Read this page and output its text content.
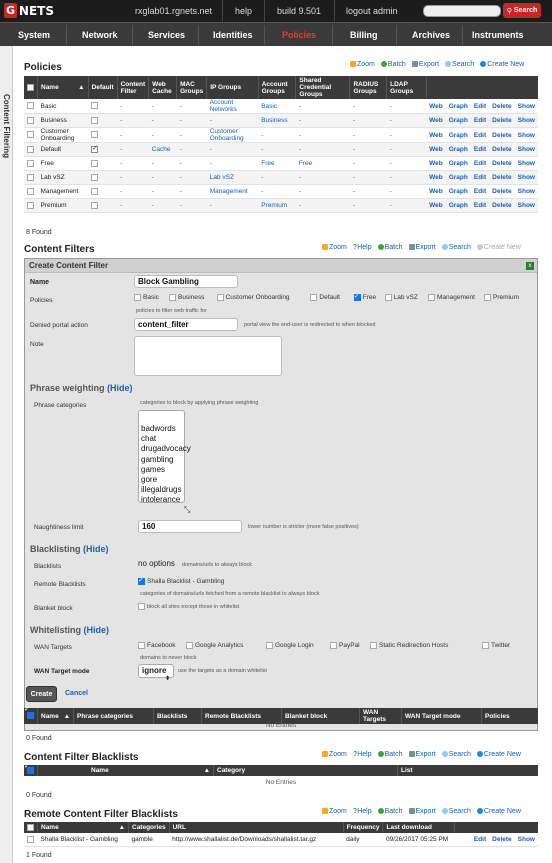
G NETS	rxglab01.rgnets.net	help	build 9.501	logout admin	⚲ Search
System	Network	Services	Identities	Policies	Billing	Archives Instruments
Content Filtering
Policies	Zoom	Batch	Export	Search	Create New
	Name ▲	Default	Content Filter	Web Cache	MAC Groups	IP Groups	Account Groups	Shared Credential Groups	RADIUS Groups	LDAP Groups	
	Basic		-	-	-	Account Networks	Basic	-	-	-	Web Graph Edit Delete Show
	Business		-	-	-	-	Business	-	-	-	Web Graph Edit Delete Show
	Customer Onboarding		-	-	-	Customer Onboarding	-	-	-	-	Web Graph Edit Delete Show
	Default	✓	-	Cache	-	-	-	-	-	-	Web Graph Edit Delete Show
	Free		-	-	-	-	Free	Free	-	-	Web Graph Edit Delete Show
	Lab vSZ		-	-	-	Lab vSZ	-	-	-	-	Web Graph Edit Delete Show
	Management		-	-	-	Management	-	-	-	-	Web Graph Edit Delete Show
	Premium		-	-	-	-	Premium	-	-	-	Web Graph Edit Delete Show
8 Found
Content Filters	Zoom ?Help	Batch	Export	Search	Create New
Create Content Filter	x
Name	Block Gambling
Policies	Basic	Business	Customer Onboarding	Default ✓	Free	Lab vSZ	Management	Premium
policies to filter web traffic for
Denied portal action	content_filter	portal view the end-user is redirected to when blocked
Note
Phrase weighting (Hide)
Phrase categories	categories to block by applying phrase weighting
badwords
chat
drugadvocacy
gambling
games
gore
illegaldrugs
intolerance
⤡
Naughtiness limit	160	lower number is stricter (more false positives)
Blacklisting (Hide)
Blacklists	no options domains/urls to always block
Remote Blacklists ✓	Shalla Blacklist - Gambling
categories of domains/urls fetched from a remote blacklist to always block
Blanket block	block all sites except those in whitelist
Whitelisting (Hide)
WAN Targets	Facebook	Google Analytics	Google Login	PayPal	Static Redirection Hosts	Twitter
domains to never block
WAN Target mode	ignore
⬍
use the targets as a domain whitelist
Create	Cancel
✓	Name ▲	Phrase categories	Blacklists	Remote Blacklists	Blanket block	WAN Targets	WAN Target mode	Policies
No Entries
0 Found
Content Filter Blacklists	Zoom ?Help	Batch	Export	Search	Create New
✓	Name	▲	Category	List
No Entries
0 Found
Remote Content Filter Blacklists	Zoom ?Help	Batch	Export	Search	Create New
	Name ▲	Categories	URL	Frequency	Last download	
	Shalla Blacklist - Gambling	gamble	http://www.shallalist.de/Downloads/shallalist.tar.gz	daily	09/26/2017 05:25 PM	Edit Delete Show
1 Found
